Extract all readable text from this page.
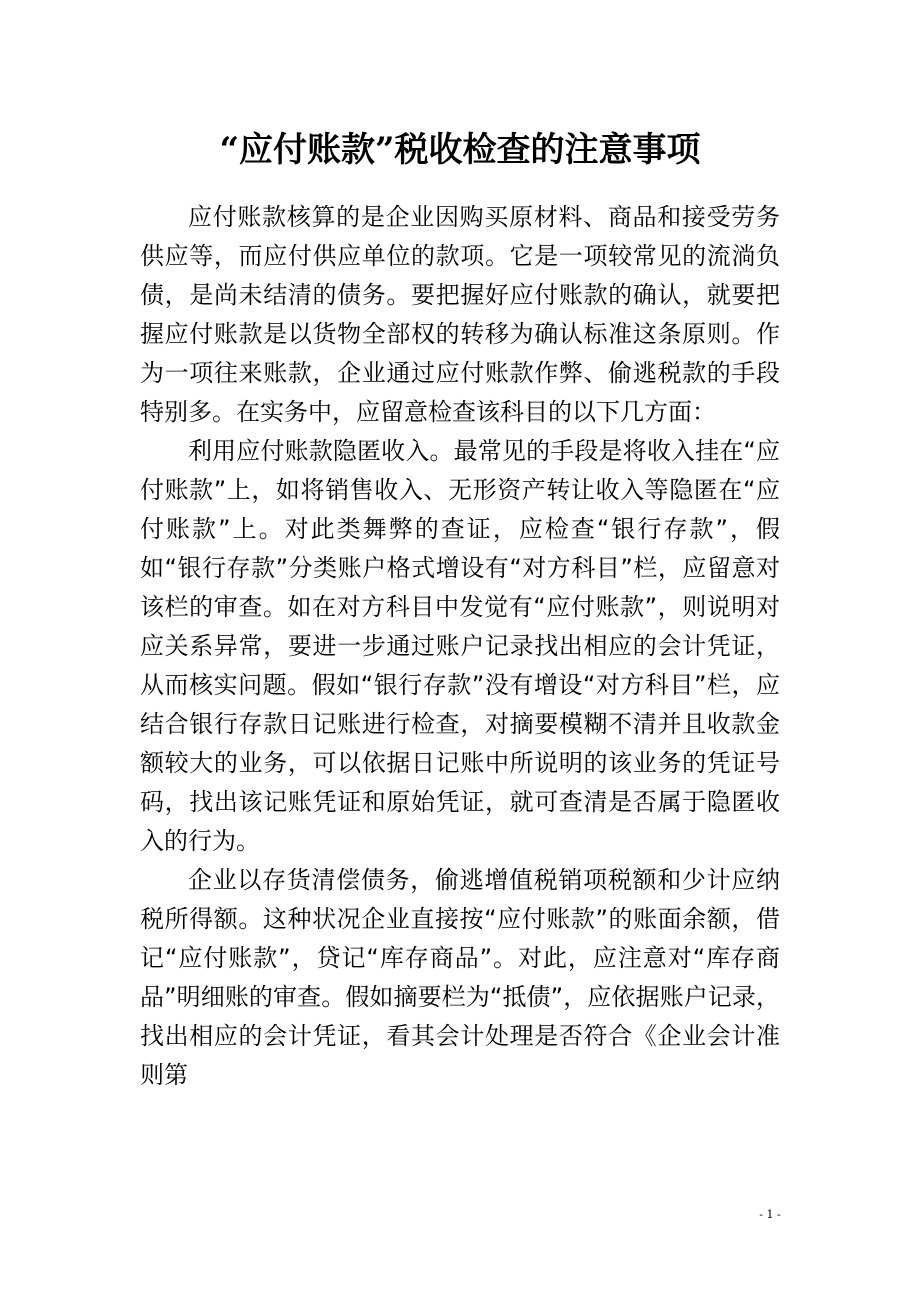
“应付账款”税收检查的注意事项

应付账款核算的是企业因购买原材料、商品和接受劳务供应等，而应付供应单位的款项。它是一项较常见的流淌负债，是尚未结清的债务。要把握好应付账款的确认，就要把握应付账款是以货物全部权的转移为确认标准这条原则。作为一项往来账款，企业通过应付账款作弊、偷逃税款的手段特别多。在实务中，应留意检查该科目的以下几方面：

利用应付账款隐匿收入。最常见的手段是将收入挂在“应付账款”上，如将销售收入、无形资产转让收入等隐匿在“应付账款”上。对此类舞弊的查证，应检查“银行存款”，假如“银行存款”分类账户格式增设有“对方科目”栏，应留意对该栏的审查。如在对方科目中发觉有“应付账款”，则说明对应关系异常，要进一步通过账户记录找出相应的会计凭证，从而核实问题。假如“银行存款”没有增设“对方科目”栏，应结合银行存款日记账进行检查，对摘要模糊不清并且收款金额较大的业务，可以依据日记账中所说明的该业务的凭证号码，找出该记账凭证和原始凭证，就可查清是否属于隐匿收入的行为。

企业以存货清偿债务，偷逃增值税销项税额和少计应纳税所得额。这种状况企业直接按“应付账款”的账面余额，借记“应付账款”，贷记“库存商品”。对此，应注意对“库存商品”明细账的审查。假如摘要栏为“抵债”，应依据账户记录，找出相应的会计凭证，看其会计处理是否符合《企业会计准则第

- 1 -
